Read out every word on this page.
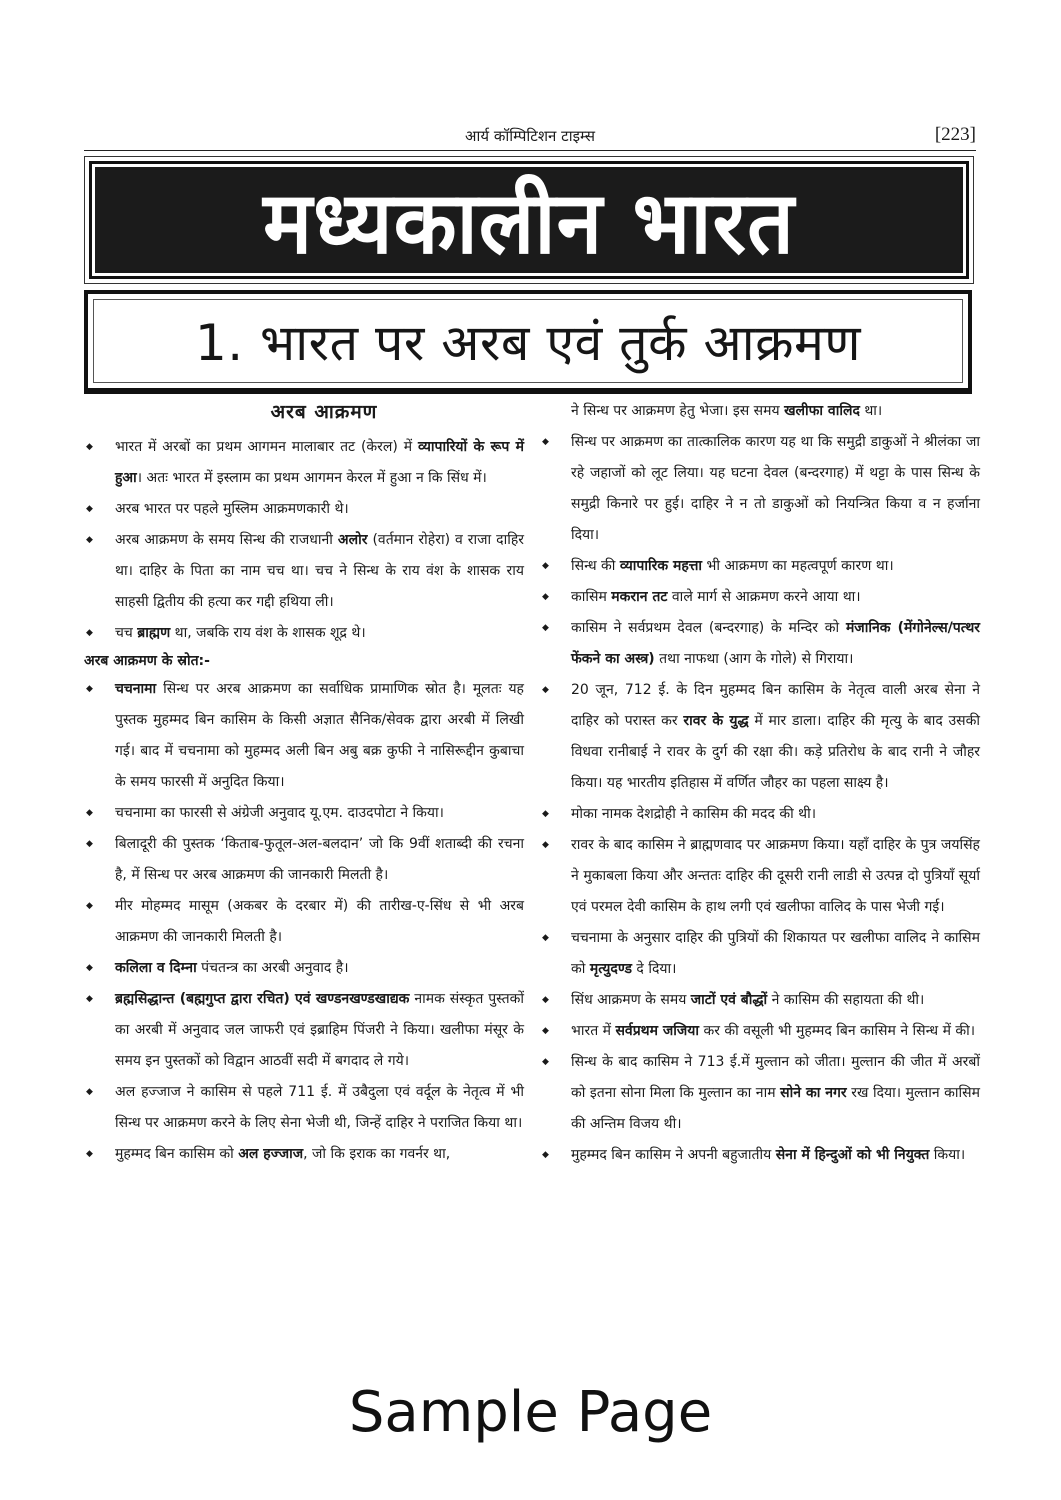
आर्य कॉम्पिटिशन टाइम्स	[223]
मध्यकालीन भारत
1. भारत पर अरब एवं तुर्क आक्रमण
अरब आक्रमण
◆ भारत में अरबों का प्रथम आगमन मालाबार तट (केरल) में व्यापारियों के रूप में हुआ। अतः भारत में इस्लाम का प्रथम आगमन केरल में हुआ न कि सिंध में।
◆ अरब भारत पर पहले मुस्लिम आक्रमणकारी थे।
◆ अरब आक्रमण के समय सिन्ध की राजधानी अलोर (वर्तमान रोहेरा) व राजा दाहिर था। दाहिर के पिता का नाम चच था। चच ने सिन्ध के राय वंश के शासक राय साहसी द्वितीय की हत्या कर गद्दी हथिया ली।
◆ चच ब्राह्मण था, जबकि राय वंश के शासक शूद्र थे।
अरब आक्रमण के स्रोत:-
◆ चचनामा सिन्ध पर अरब आक्रमण का सर्वाधिक प्रामाणिक स्रोत है। मूलतः यह पुस्तक मुहम्मद बिन कासिम के किसी अज्ञात सैनिक/सेवक द्वारा अरबी में लिखी गई। बाद में चचनामा को मुहम्मद अली बिन अबु बक्र कुफी ने नासिरूद्दीन कुबाचा के समय फारसी में अनुदित किया।
◆ चचनामा का फारसी से अंग्रेजी अनुवाद यू.एम. दाउदपोटा ने किया।
◆ बिलादूरी की पुस्तक ‘किताब-फुतूल-अल-बलदान’ जो कि 9वीं शताब्दी की रचना है, में सिन्ध पर अरब आक्रमण की जानकारी मिलती है।
◆ मीर मोहम्मद मासूम (अकबर के दरबार में) की तारीख-ए-सिंध से भी अरब आक्रमण की जानकारी मिलती है।
◆ कलिला व दिम्ना पंचतन्त्र का अरबी अनुवाद है।
◆ ब्रह्मसिद्धान्त (बह्मगुप्त द्वारा रचित) एवं खण्डनखण्डखाद्यक नामक संस्कृत पुस्तकों का अरबी में अनुवाद जल जाफरी एवं इब्राहिम पिंजरी ने किया। खलीफा मंसूर के समय इन पुस्तकों को विद्वान आठवीं सदी में बगदाद ले गये।
◆ अल हज्जाज ने कासिम से पहले 711 ई. में उबैदुला एवं वर्दूल के नेतृत्व में भी सिन्ध पर आक्रमण करने के लिए सेना भेजी थी, जिन्हें दाहिर ने पराजित किया था।
◆ मुहम्मद बिन कासिम को अल हज्जाज, जो कि इराक का गवर्नर था,
ने सिन्ध पर आक्रमण हेतु भेजा। इस समय खलीफा वालिद था।
◆ सिन्ध पर आक्रमण का तात्कालिक कारण यह था कि समुद्री डाकुओं ने श्रीलंका जा रहे जहाजों को लूट लिया। यह घटना देवल (बन्दरगाह) में थट्टा के पास सिन्ध के समुद्री किनारे पर हुई। दाहिर ने न तो डाकुओं को नियन्त्रित किया व न हर्जाना दिया।
◆ सिन्ध की व्यापारिक महत्ता भी आक्रमण का महत्वपूर्ण कारण था।
◆ कासिम मकरान तट वाले मार्ग से आक्रमण करने आया था।
◆ कासिम ने सर्वप्रथम देवल (बन्दरगाह) के मन्दिर को मंजानिक (मेंगोनेल्स/पत्थर फेंकने का अस्त्र) तथा नाफथा (आग के गोले) से गिराया।
◆ 20 जून, 712 ई. के दिन मुहम्मद बिन कासिम के नेतृत्व वाली अरब सेना ने दाहिर को परास्त कर रावर के युद्ध में मार डाला। दाहिर की मृत्यु के बाद उसकी विधवा रानीबाई ने रावर के दुर्ग की रक्षा की। कड़े प्रतिरोध के बाद रानी ने जौहर किया। यह भारतीय इतिहास में वर्णित जौहर का पहला साक्ष्य है।
◆ मोका नामक देशद्रोही ने कासिम की मदद की थी।
◆ रावर के बाद कासिम ने ब्राह्मणवाद पर आक्रमण किया। यहाँ दाहिर के पुत्र जयसिंह ने मुकाबला किया और अन्ततः दाहिर की दूसरी रानी लाडी से उत्पन्न दो पुत्रियाँ सूर्या एवं परमल देवी कासिम के हाथ लगी एवं खलीफा वालिद के पास भेजी गई।
◆ चचनामा के अनुसार दाहिर की पुत्रियों की शिकायत पर खलीफा वालिद ने कासिम को मृत्युदण्ड दे दिया।
◆ सिंध आक्रमण के समय जाटों एवं बौद्धों ने कासिम की सहायता की थी।
◆ भारत में सर्वप्रथम जजिया कर की वसूली भी मुहम्मद बिन कासिम ने सिन्ध में की।
◆ सिन्ध के बाद कासिम ने 713 ई.में मुल्तान को जीता। मुल्तान की जीत में अरबों को इतना सोना मिला कि मुल्तान का नाम सोने का नगर रख दिया। मुल्तान कासिम की अन्तिम विजय थी।
◆ मुहम्मद बिन कासिम ने अपनी बहुजातीय सेना में हिन्दुओं को भी नियुक्त किया।
Sample Page
